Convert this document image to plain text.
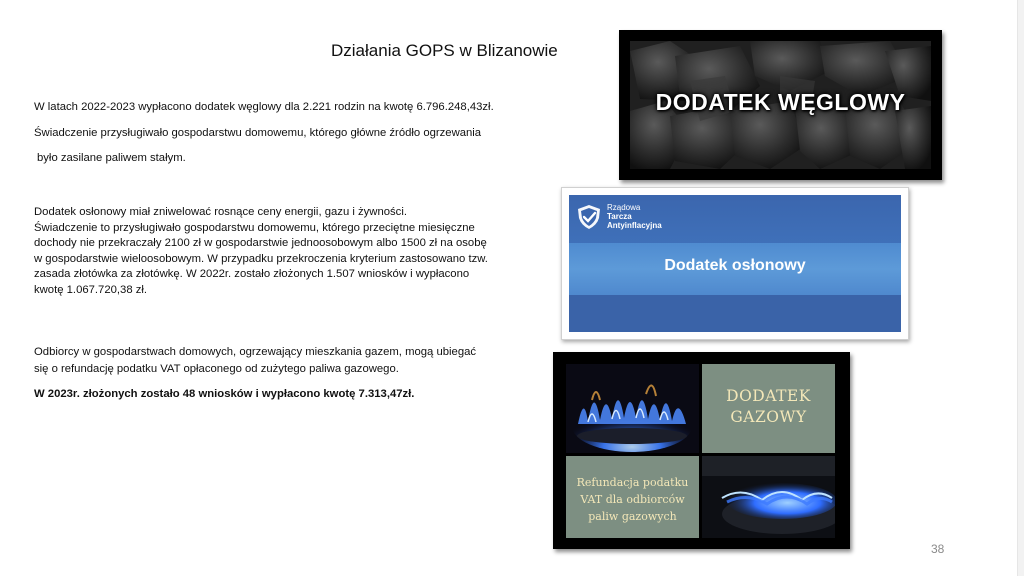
Działania GOPS w Blizanowie
W latach 2022-2023 wypłacono dodatek węglowy dla 2.221 rodzin na kwotę 6.796.248,43zł.
Świadczenie przysługiwało gospodarstwu domowemu, którego główne źródło ogrzewania
było zasilane paliwem stałym.
Dodatek osłonowy miał zniwelować rosnące ceny energii, gazu i żywności.
Świadczenie to przysługiwało gospodarstwu domowemu, którego przeciętne miesięczne
dochody nie przekraczały 2100 zł w gospodarstwie jednoosobowym albo 1500 zł na osobę
w gospodarstwie wieloosobowym. W przypadku przekroczenia kryterium zastosowano tzw.
zasada złotówka za złotówkę. W 2022r. zostało złożonych 1.507 wniosków i wypłacono
kwotę 1.067.720,38 zł.
Odbiorcy w gospodarstwach domowych, ogrzewający mieszkania gazem, mogą ubiegać
się o refundację podatku VAT opłaconego od zużytego paliwa gazowego.
W 2023r. złożonych zostało 48 wniosków i wypłacono kwotę 7.313,47zł.
DODATEK WĘGLOWY
Rządowa
Tarcza
Antyinflacyjna
Dodatek osłonowy
DODATEK
GAZOWY
Refundacja podatku
VAT dla odbiorców
paliw gazowych
38
